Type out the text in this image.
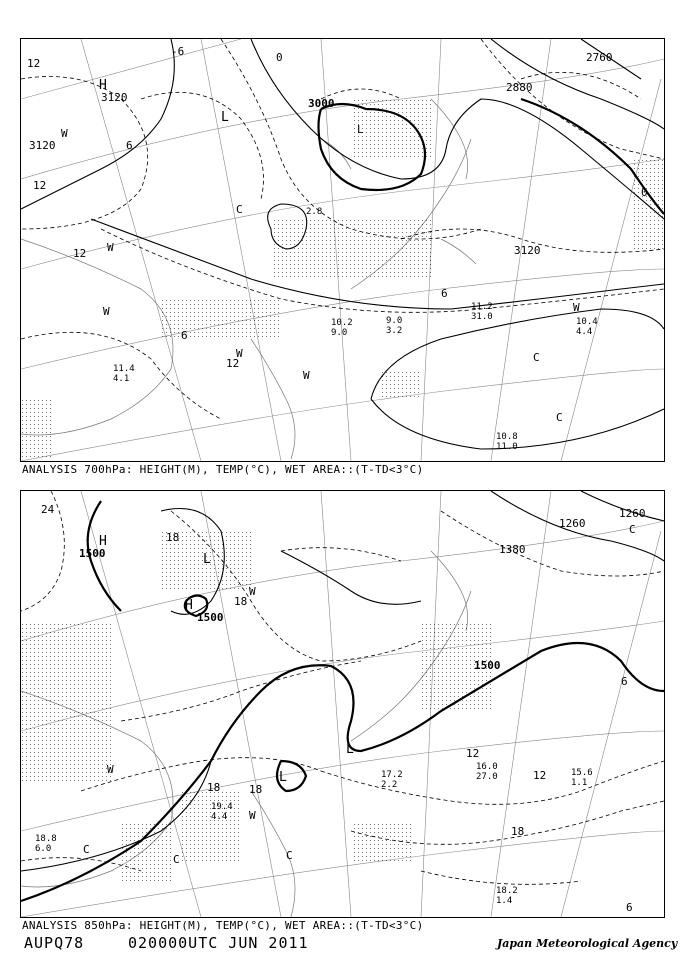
3120	3000
2880
2760
3120
3120
12
12
12
0
-6
6
0
6
12
6
H
L
W
W
W
W
W
C
C
C
L
W
11.2
31.0	10.4
4.4
10.8
11.0
9.0
3.2
10.2
9.0
2.8
11.4
4.1
ANALYSIS 700hPa: HEIGHT(M), TEMP(°C), WET AREA::(T-TD<3°C)
1500
1500
1500
1380
1260
1260
24
18
18
12
12
18
6
18
18
6
H
H
L
L
L
W
W
W
C
C	C
C
18.2
1.4
16.0
27.0	15.6
1.1
17.2
2.2
18.8
6.0
19.4
4.4
ANALYSIS 850hPa: HEIGHT(M), TEMP(°C), WET AREA::(T-TD<3°C)
AUPQ78	020000UTC JUN 2011	Japan Meteorological Agency
